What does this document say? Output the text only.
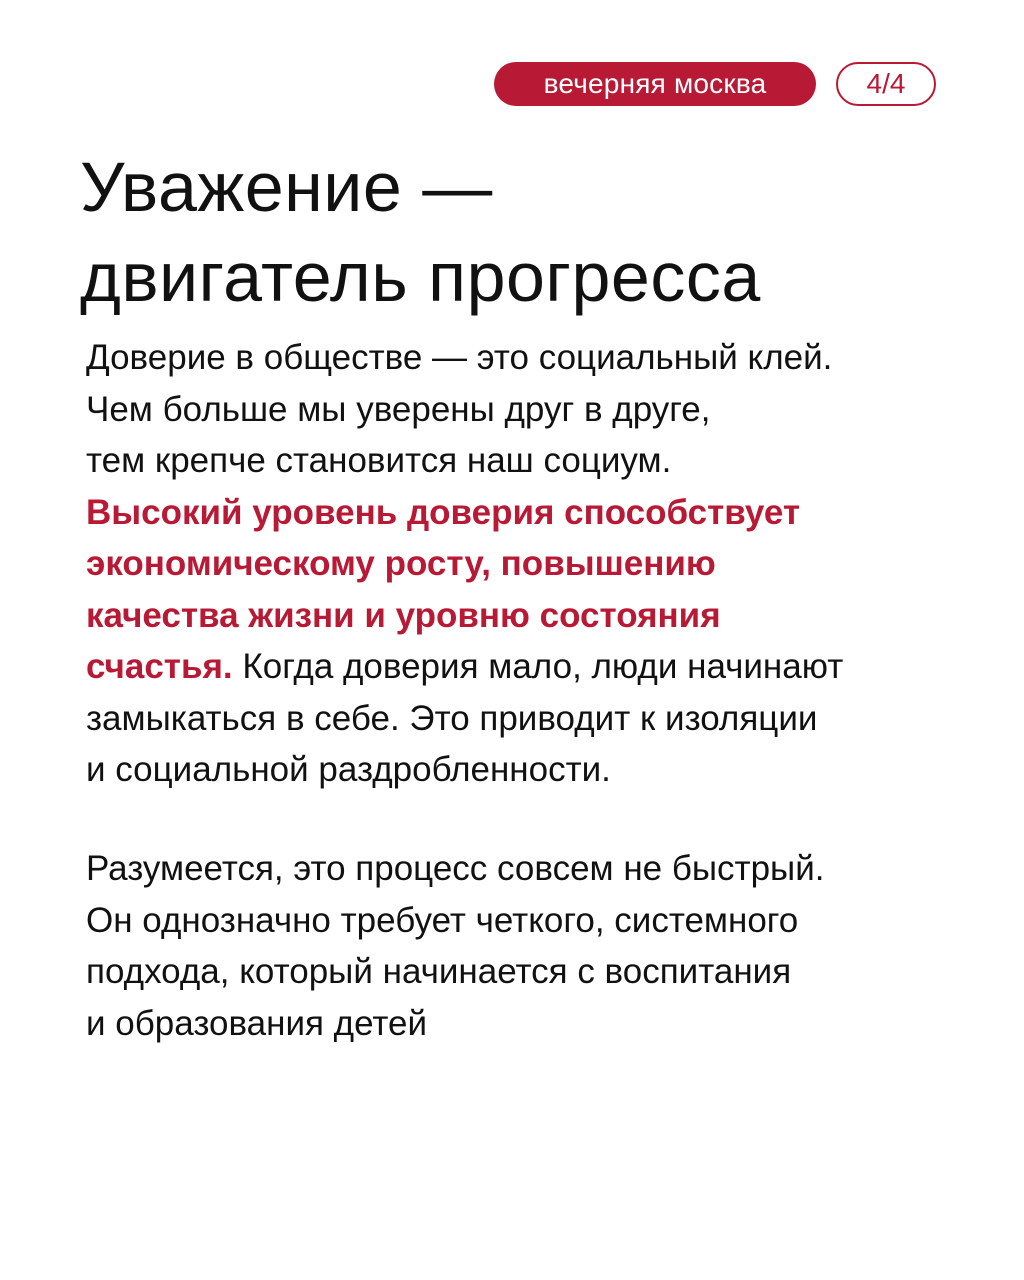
вечерняя москва	4/4
Уважение —
двигатель прогресса

Доверие в обществе — это социальный клей.
Чем больше мы уверены друг в друге,
тем крепче становится наш социум.
Высокий уровень доверия способствует
экономическому росту, повышению
качества жизни и уровню состояния
счастья. Когда доверия мало, люди начинают
замыкаться в себе. Это приводит к изоляции
и социальной раздробленности.

Разумеется, это процесс совсем не быстрый.
Он однозначно требует четкого, системного
подхода, который начинается с воспитания
и образования детей
